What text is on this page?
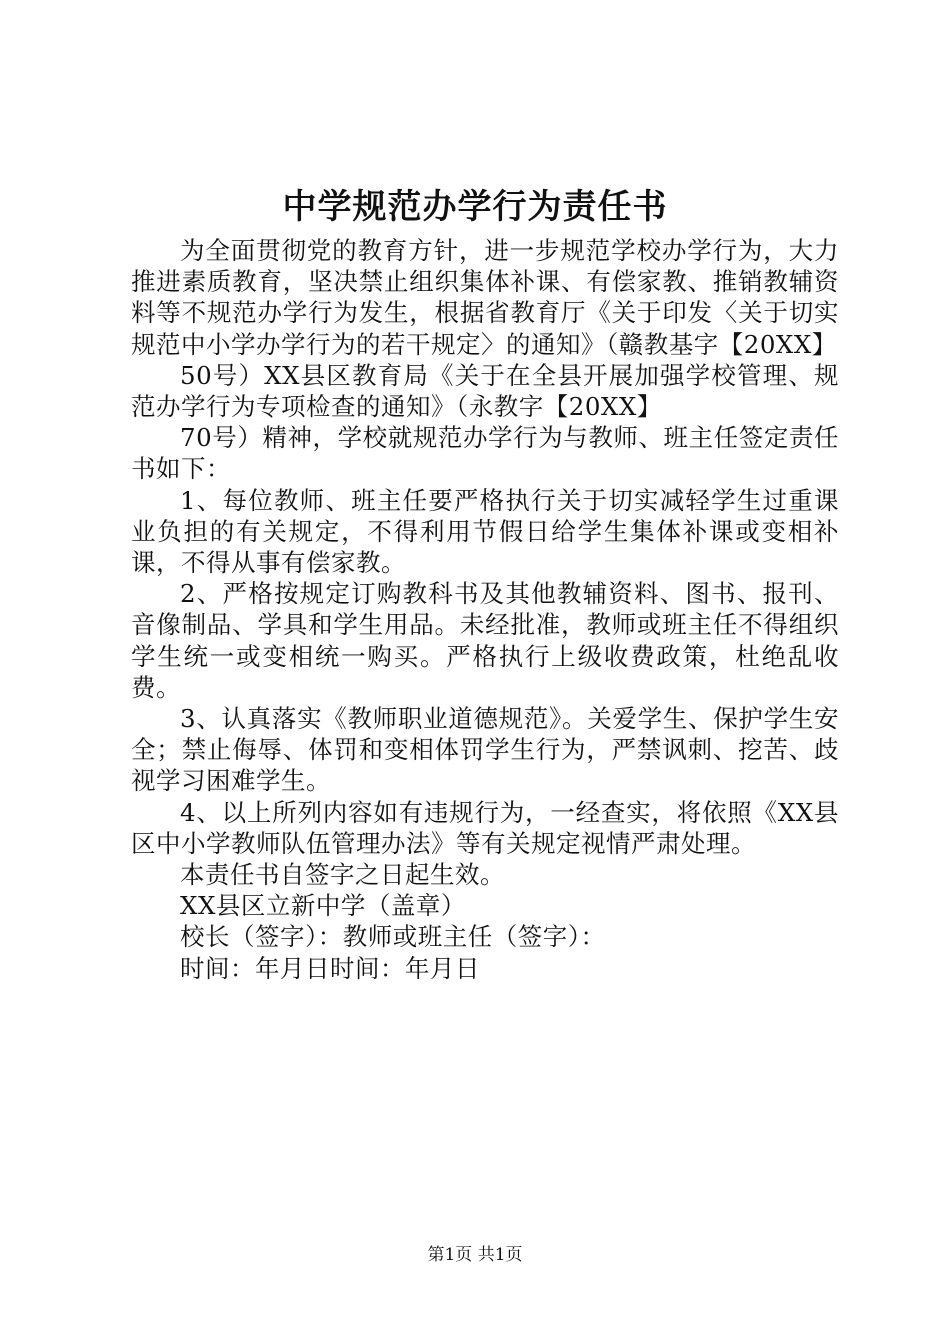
中学规范办学行为责任书

为全面贯彻党的教育方针，进一步规范学校办学行为，大力推进素质教育，坚决禁止组织集体补课、有偿家教、推销教辅资料等不规范办学行为发生，根据省教育厅《关于印发〈关于切实规范中小学办学行为的若干规定〉的通知》（赣教基字【20XX】

50号）XX县区教育局《关于在全县开展加强学校管理、规范办学行为专项检查的通知》（永教字【20XX】

70号）精神，学校就规范办学行为与教师、班主任签定责任书如下：

1、每位教师、班主任要严格执行关于切实减轻学生过重课业负担的有关规定，不得利用节假日给学生集体补课或变相补课，不得从事有偿家教。

2、严格按规定订购教科书及其他教辅资料、图书、报刊、音像制品、学具和学生用品。未经批准，教师或班主任不得组织学生统一或变相统一购买。严格执行上级收费政策，杜绝乱收费。

3、认真落实《教师职业道德规范》。关爱学生、保护学生安全；禁止侮辱、体罚和变相体罚学生行为，严禁讽刺、挖苦、歧视学习困难学生。

4、以上所列内容如有违规行为，一经查实，将依照《XX县区中小学教师队伍管理办法》等有关规定视情严肃处理。

本责任书自签字之日起生效。

XX县区立新中学（盖章）

校长（签字）：教师或班主任（签字）：

时间：年月日时间：年月日

第1页 共1页
